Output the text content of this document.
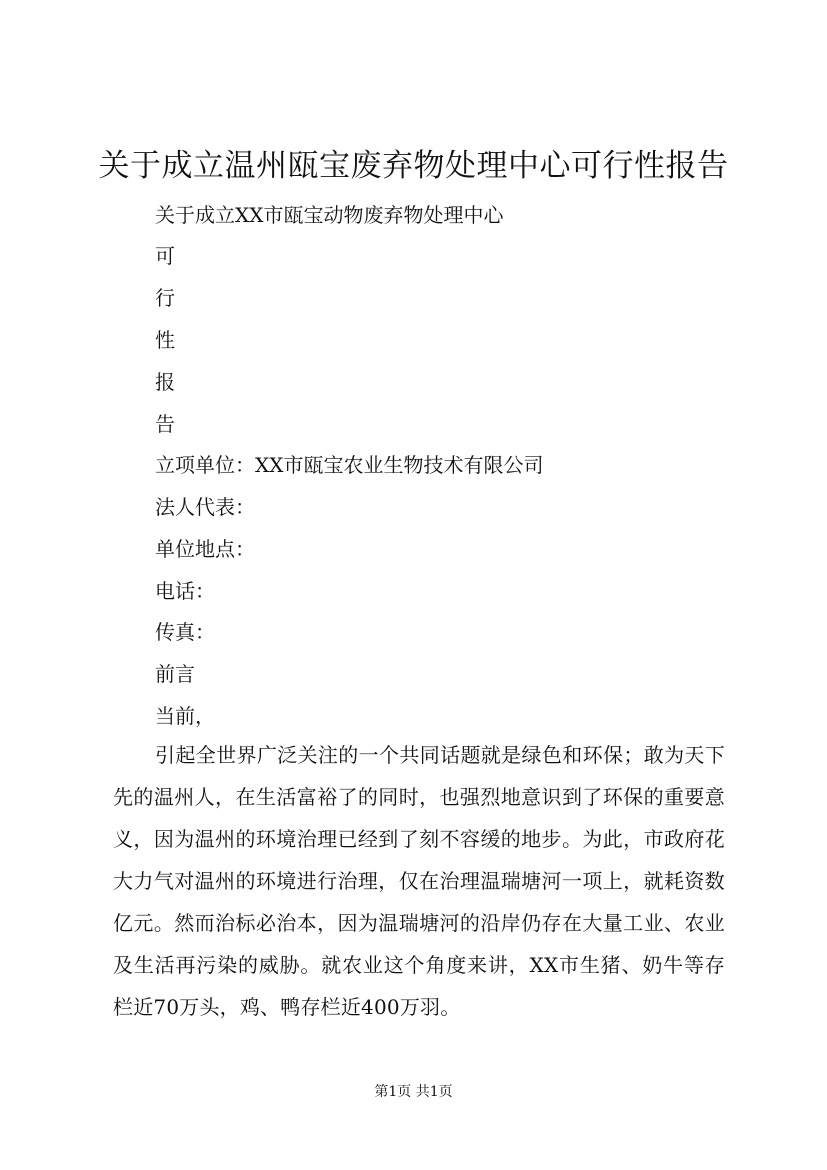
关于成立温州瓯宝废弃物处理中心可行性报告
关于成立XX市瓯宝动物废弃物处理中心
可
行
性
报
告
立项单位：XX市瓯宝农业生物技术有限公司
法人代表：
单位地点：
电话：
传真：
前言
当前，
引起全世界广泛关注的一个共同话题就是绿色和环保；敢为天下先的温州人，在生活富裕了的同时，也强烈地意识到了环保的重要意义，因为温州的环境治理已经到了刻不容缓的地步。为此，市政府花大力气对温州的环境进行治理，仅在治理温瑞塘河一项上，就耗资数亿元。然而治标必治本，因为温瑞塘河的沿岸仍存在大量工业、农业及生活再污染的威胁。就农业这个角度来讲，XX市生猪、奶牛等存栏近70万头，鸡、鸭存栏近400万羽。
第1页 共1页
